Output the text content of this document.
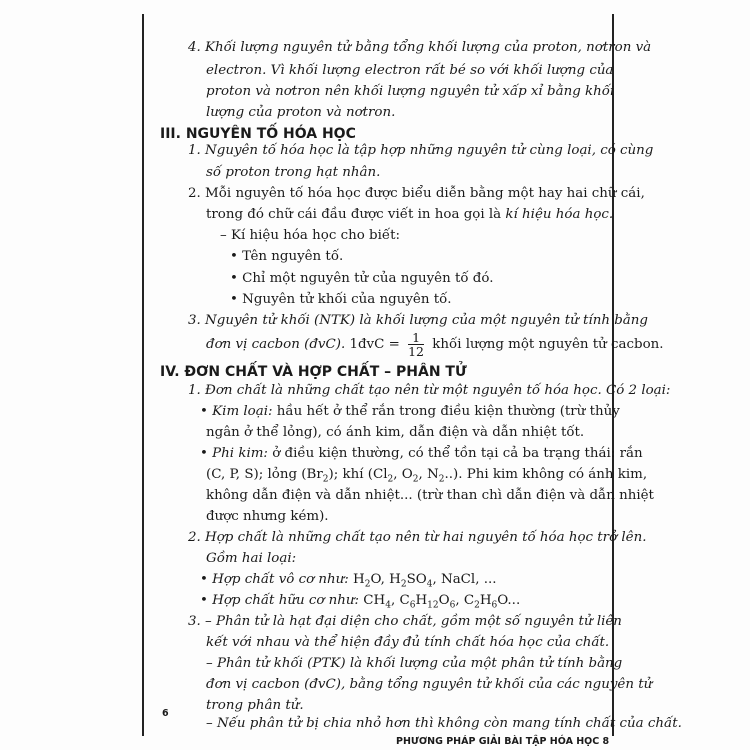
4. Khối lượng nguyên tử bằng tổng khối lượng của proton, nơtron và
electron. Vì khối lượng electron rất bé so với khối lượng của
proton và nơtron nên khối lượng nguyên tử xấp xỉ bằng khối
lượng của proton và nơtron.
III. NGUYÊN TỐ HÓA HỌC
1. Nguyên tố hóa học là tập hợp những nguyên tử cùng loại, có cùng
số proton trong hạt nhân.
2. Mỗi nguyên tố hóa học được biểu diễn bằng một hay hai chữ cái,
trong đó chữ cái đầu được viết in hoa gọi là kí hiệu hóa học.
– Kí hiệu hóa học cho biết:
• Tên nguyên tố.
• Chỉ một nguyên tử của nguyên tố đó.
• Nguyên tử khối của nguyên tố.
3. Nguyên tử khối (NTK) là khối lượng của một nguyên tử tính bằng
đơn vị cacbon (đvC). 1đvC = $\frac{1}{12}$ khối lượng một nguyên tử cacbon.
IV. ĐƠN CHẤT VÀ HỢP CHẤT – PHÂN TỬ
1. Đơn chất là những chất tạo nên từ một nguyên tố hóa học. Có 2 loại:
• Kim loại: hầu hết ở thể rắn trong điều kiện thường (trừ thủy
ngân ở thể lỏng), có ánh kim, dẫn điện và dẫn nhiệt tốt.
• Phi kim: ở điều kiện thường, có thể tồn tại cả ba trạng thái: rắn
(C, P, S); lỏng $(Br_2)$; khí ($Cl_2$, $O_2$, $N_2$..). Phi kim không có ánh kim,
không dẫn điện và dẫn nhiệt... (trừ than chì dẫn điện và dẫn nhiệt
được nhưng kém).
2. Hợp chất là những chất tạo nên từ hai nguyên tố hóa học trở lên.
Gồm hai loại:
• Hợp chất vô cơ như: $H_2O$, $H_2SO_4$, NaCl, ...
• Hợp chất hữu cơ như: $CH_4$, $C_6H_{12}O_6$, $C_2H_6O$...
3. – Phân tử là hạt đại diện cho chất, gồm một số nguyên tử liên
kết với nhau và thể hiện đầy đủ tính chất hóa học của chất.
– Phân tử khối (PTK) là khối lượng của một phân tử tính bằng
đơn vị cacbon (đvC), bằng tổng nguyên tử khối của các nguyên tử
trong phân tử.
– Nếu phân tử bị chia nhỏ hơn thì không còn mang tính chất của chất.
6
PHƯƠNG PHÁP GIẢI BÀI TẬP HÓA HỌC 8
